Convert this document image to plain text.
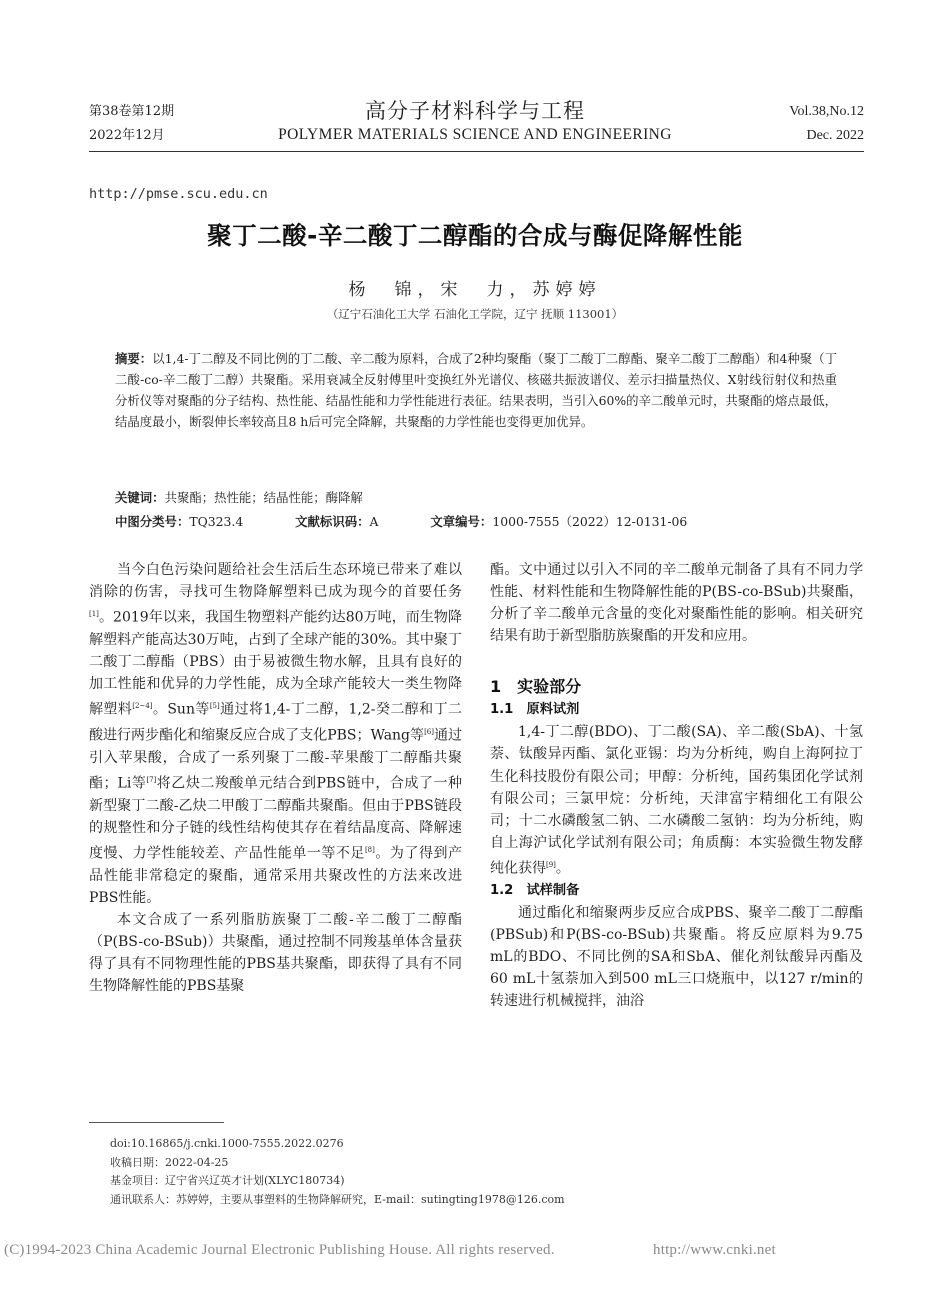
第38卷第12期
2022年12月
高分子材料科学与工程
POLYMER MATERIALS SCIENCE AND ENGINEERING
Vol.38,No.12
Dec. 2022
http://pmse.scu.edu.cn
聚丁二酸-辛二酸丁二醇酯的合成与酶促降解性能
杨　锦，宋　力，苏婷婷
（辽宁石油化工大学 石油化工学院，辽宁 抚顺 113001）
摘要：以1,4-丁二醇及不同比例的丁二酸、辛二酸为原料，合成了2种均聚酯（聚丁二酸丁二醇酯、聚辛二酸丁二醇酯）和4种聚（丁二酸-co-辛二酸丁二醇）共聚酯。采用衰减全反射傅里叶变换红外光谱仪、核磁共振波谱仪、差示扫描量热仪、X射线衍射仪和热重分析仪等对聚酯的分子结构、热性能、结晶性能和力学性能进行表征。结果表明，当引入60%的辛二酸单元时，共聚酯的熔点最低，结晶度最小，断裂伸长率较高且8 h后可完全降解，共聚酯的力学性能也变得更加优异。
关键词：共聚酯；热性能；结晶性能；酶降解
中图分类号：TQ323.4	文献标识码：A	文章编号：1000-7555（2022）12-0131-06

当今白色污染问题给社会生活后生态环境已带来了难以消除的伤害，寻找可生物降解塑料已成为现今的首要任务[1]。2019年以来，我国生物塑料产能约达80万吨，而生物降解塑料产能高达30万吨，占到了全球产能的30%。其中聚丁二酸丁二醇酯（PBS）由于易被微生物水解，且具有良好的加工性能和优异的力学性能，成为全球产能较大一类生物降解塑料[2~4]。Sun等[5]通过将1,4-丁二醇，1,2-癸二醇和丁二酸进行两步酯化和缩聚反应合成了支化PBS；Wang等[6]通过引入苹果酸，合成了一系列聚丁二酸-苹果酸丁二醇酯共聚酯；Li等[7]将乙炔二羧酸单元结合到PBS链中，合成了一种新型聚丁二酸-乙炔二甲酸丁二醇酯共聚酯。但由于PBS链段的规整性和分子链的线性结构使其存在着结晶度高、降解速度慢、力学性能较差、产品性能单一等不足[8]。为了得到产品性能非常稳定的聚酯，通常采用共聚改性的方法来改进PBS性能。

本文合成了一系列脂肪族聚丁二酸-辛二酸丁二醇酯（P(BS-co-BSub)）共聚酯，通过控制不同羧基单体含量获得了具有不同物理性能的PBS基共聚酯，即获得了具有不同生物降解性能的PBS基聚

酯。文中通过以引入不同的辛二酸单元制备了具有不同力学性能、材料性能和生物降解性能的P(BS-co-BSub)共聚酯，分析了辛二酸单元含量的变化对聚酯性能的影响。相关研究结果有助于新型脂肪族聚酯的开发和应用。

1　实验部分
1.1　原料试剂

1,4-丁二醇(BDO)、丁二酸(SA)、辛二酸(SbA)、十氢萘、钛酸异丙酯、氯化亚锡：均为分析纯，购自上海阿拉丁生化科技股份有限公司；甲醇：分析纯，国药集团化学试剂有限公司；三氯甲烷：分析纯，天津富宇精细化工有限公司；十二水磷酸氢二钠、二水磷酸二氢钠：均为分析纯，购自上海沪试化学试剂有限公司；角质酶：本实验微生物发酵纯化获得[9]。

1.2　试样制备

通过酯化和缩聚两步反应合成PBS、聚辛二酸丁二醇酯(PBSub)和P(BS-co-BSub)共聚酯。将反应原料为9.75 mL的BDO、不同比例的SA和SbA、催化剂钛酸异丙酯及60 mL十氢萘加入到500 mL三口烧瓶中，以127 r/min的转速进行机械搅拌，油浴

doi:10.16865/j.cnki.1000-7555.2022.0276
收稿日期：2022-04-25
基金项目：辽宁省兴辽英才计划(XLYC180734)
通讯联系人：苏婷婷，主要从事塑料的生物降解研究，E-mail：sutingting1978@126.com
(C)1994-2023 China Academic Journal Electronic Publishing House. All rights reserved.	http://www.cnki.net
